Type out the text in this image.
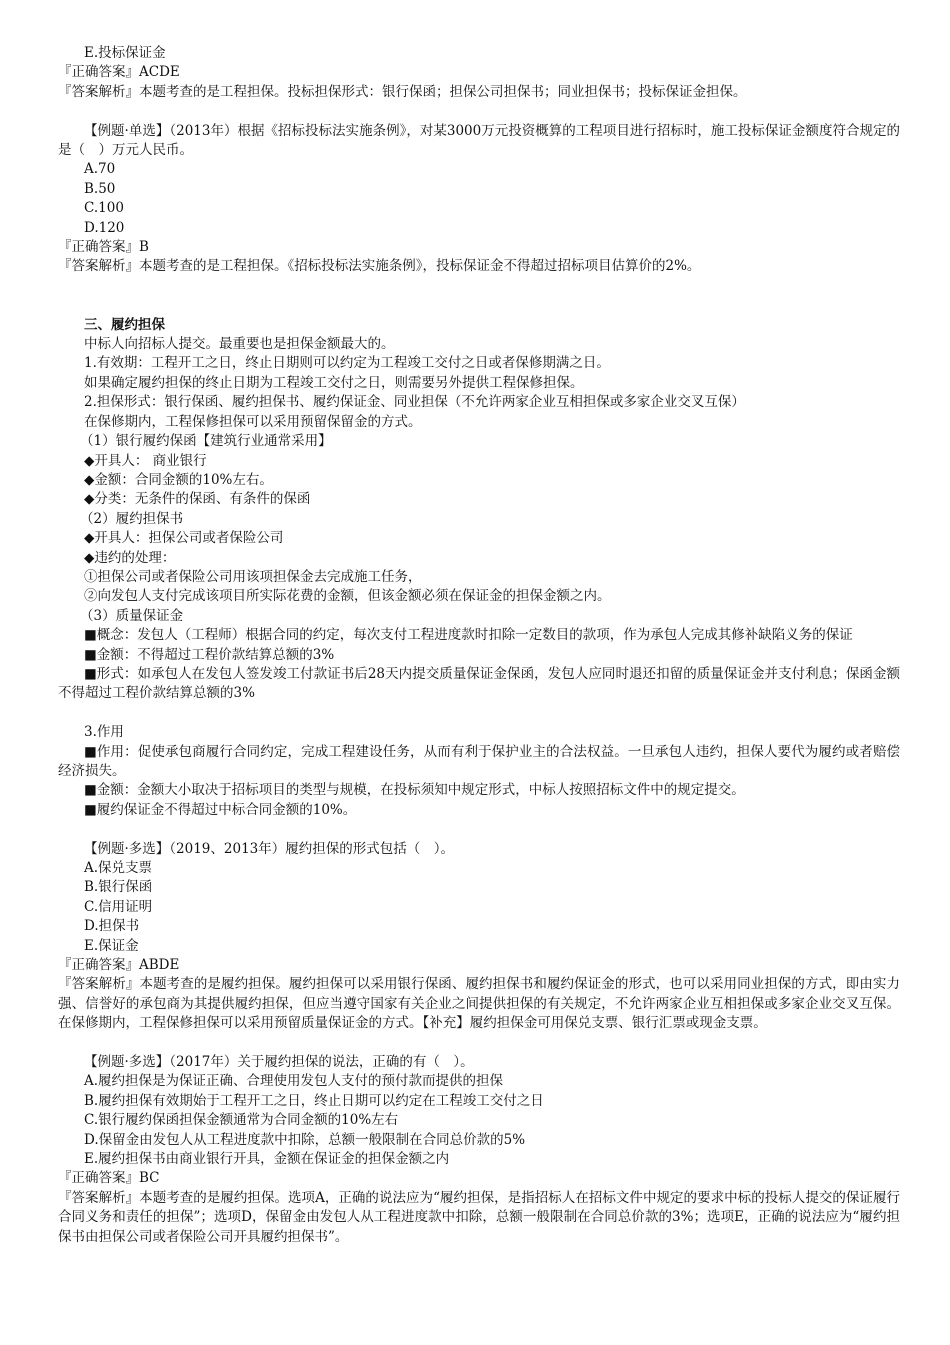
E.投标保证金

『正确答案』ACDE

『答案解析』本题考查的是工程担保。投标担保形式：银行保函；担保公司担保书；同业担保书；投标保证金担保。

【例题·单选】（2013年）根据《招标投标法实施条例》，对某3000万元投资概算的工程项目进行招标时，施工投标保证金额度符合规定的是（　）万元人民币。

A.70

B.50

C.100

D.120

『正确答案』B

『答案解析』本题考查的是工程担保。《招标投标法实施条例》，投标保证金不得超过招标项目估算价的2%。

三、履约担保

中标人向招标人提交。最重要也是担保金额最大的。

1.有效期：工程开工之日，终止日期则可以约定为工程竣工交付之日或者保修期满之日。

如果确定履约担保的终止日期为工程竣工交付之日，则需要另外提供工程保修担保。

2.担保形式：银行保函、履约担保书、履约保证金、同业担保（不允许两家企业互相担保或多家企业交叉互保）

在保修期内，工程保修担保可以采用预留保留金的方式。

（1）银行履约保函【建筑行业通常采用】

◆开具人： 商业银行

◆金额：合同金额的10%左右。

◆分类：无条件的保函、有条件的保函

（2）履约担保书

◆开具人：担保公司或者保险公司

◆违约的处理：

①担保公司或者保险公司用该项担保金去完成施工任务，

②向发包人支付完成该项目所实际花费的金额，但该金额必须在保证金的担保金额之内。

（3）质量保证金

■概念：发包人（工程师）根据合同的约定，每次支付工程进度款时扣除一定数目的款项，作为承包人完成其修补缺陷义务的保证

■金额：不得超过工程价款结算总额的3%

■形式：如承包人在发包人签发竣工付款证书后28天内提交质量保证金保函，发包人应同时退还扣留的质量保证金并支付利息；保函金额不得超过工程价款结算总额的3%

3.作用

■作用：促使承包商履行合同约定，完成工程建设任务，从而有利于保护业主的合法权益。一旦承包人违约，担保人要代为履约或者赔偿经济损失。

■金额：金额大小取决于招标项目的类型与规模，在投标须知中规定形式，中标人按照招标文件中的规定提交。

■履约保证金不得超过中标合同金额的10%。

【例题·多选】（2019、2013年）履约担保的形式包括（　）。

A.保兑支票

B.银行保函

C.信用证明

D.担保书

E.保证金

『正确答案』ABDE

『答案解析』本题考查的是履约担保。履约担保可以采用银行保函、履约担保书和履约保证金的形式，也可以采用同业担保的方式，即由实力强、信誉好的承包商为其提供履约担保，但应当遵守国家有关企业之间提供担保的有关规定，不允许两家企业互相担保或多家企业交叉互保。在保修期内，工程保修担保可以采用预留质量保证金的方式。【补充】履约担保金可用保兑支票、银行汇票或现金支票。

【例题·多选】（2017年）关于履约担保的说法，正确的有（　）。

A.履约担保是为保证正确、合理使用发包人支付的预付款而提供的担保

B.履约担保有效期始于工程开工之日，终止日期可以约定在工程竣工交付之日

C.银行履约保函担保金额通常为合同金额的10%左右

D.保留金由发包人从工程进度款中扣除，总额一般限制在合同总价款的5%

E.履约担保书由商业银行开具，金额在保证金的担保金额之内

『正确答案』BC

『答案解析』本题考查的是履约担保。选项A，正确的说法应为“履约担保，是指招标人在招标文件中规定的要求中标的投标人提交的保证履行合同义务和责任的担保”；选项D，保留金由发包人从工程进度款中扣除，总额一般限制在合同总价款的3%；选项E，正确的说法应为“履约担保书由担保公司或者保险公司开具履约担保书”。
